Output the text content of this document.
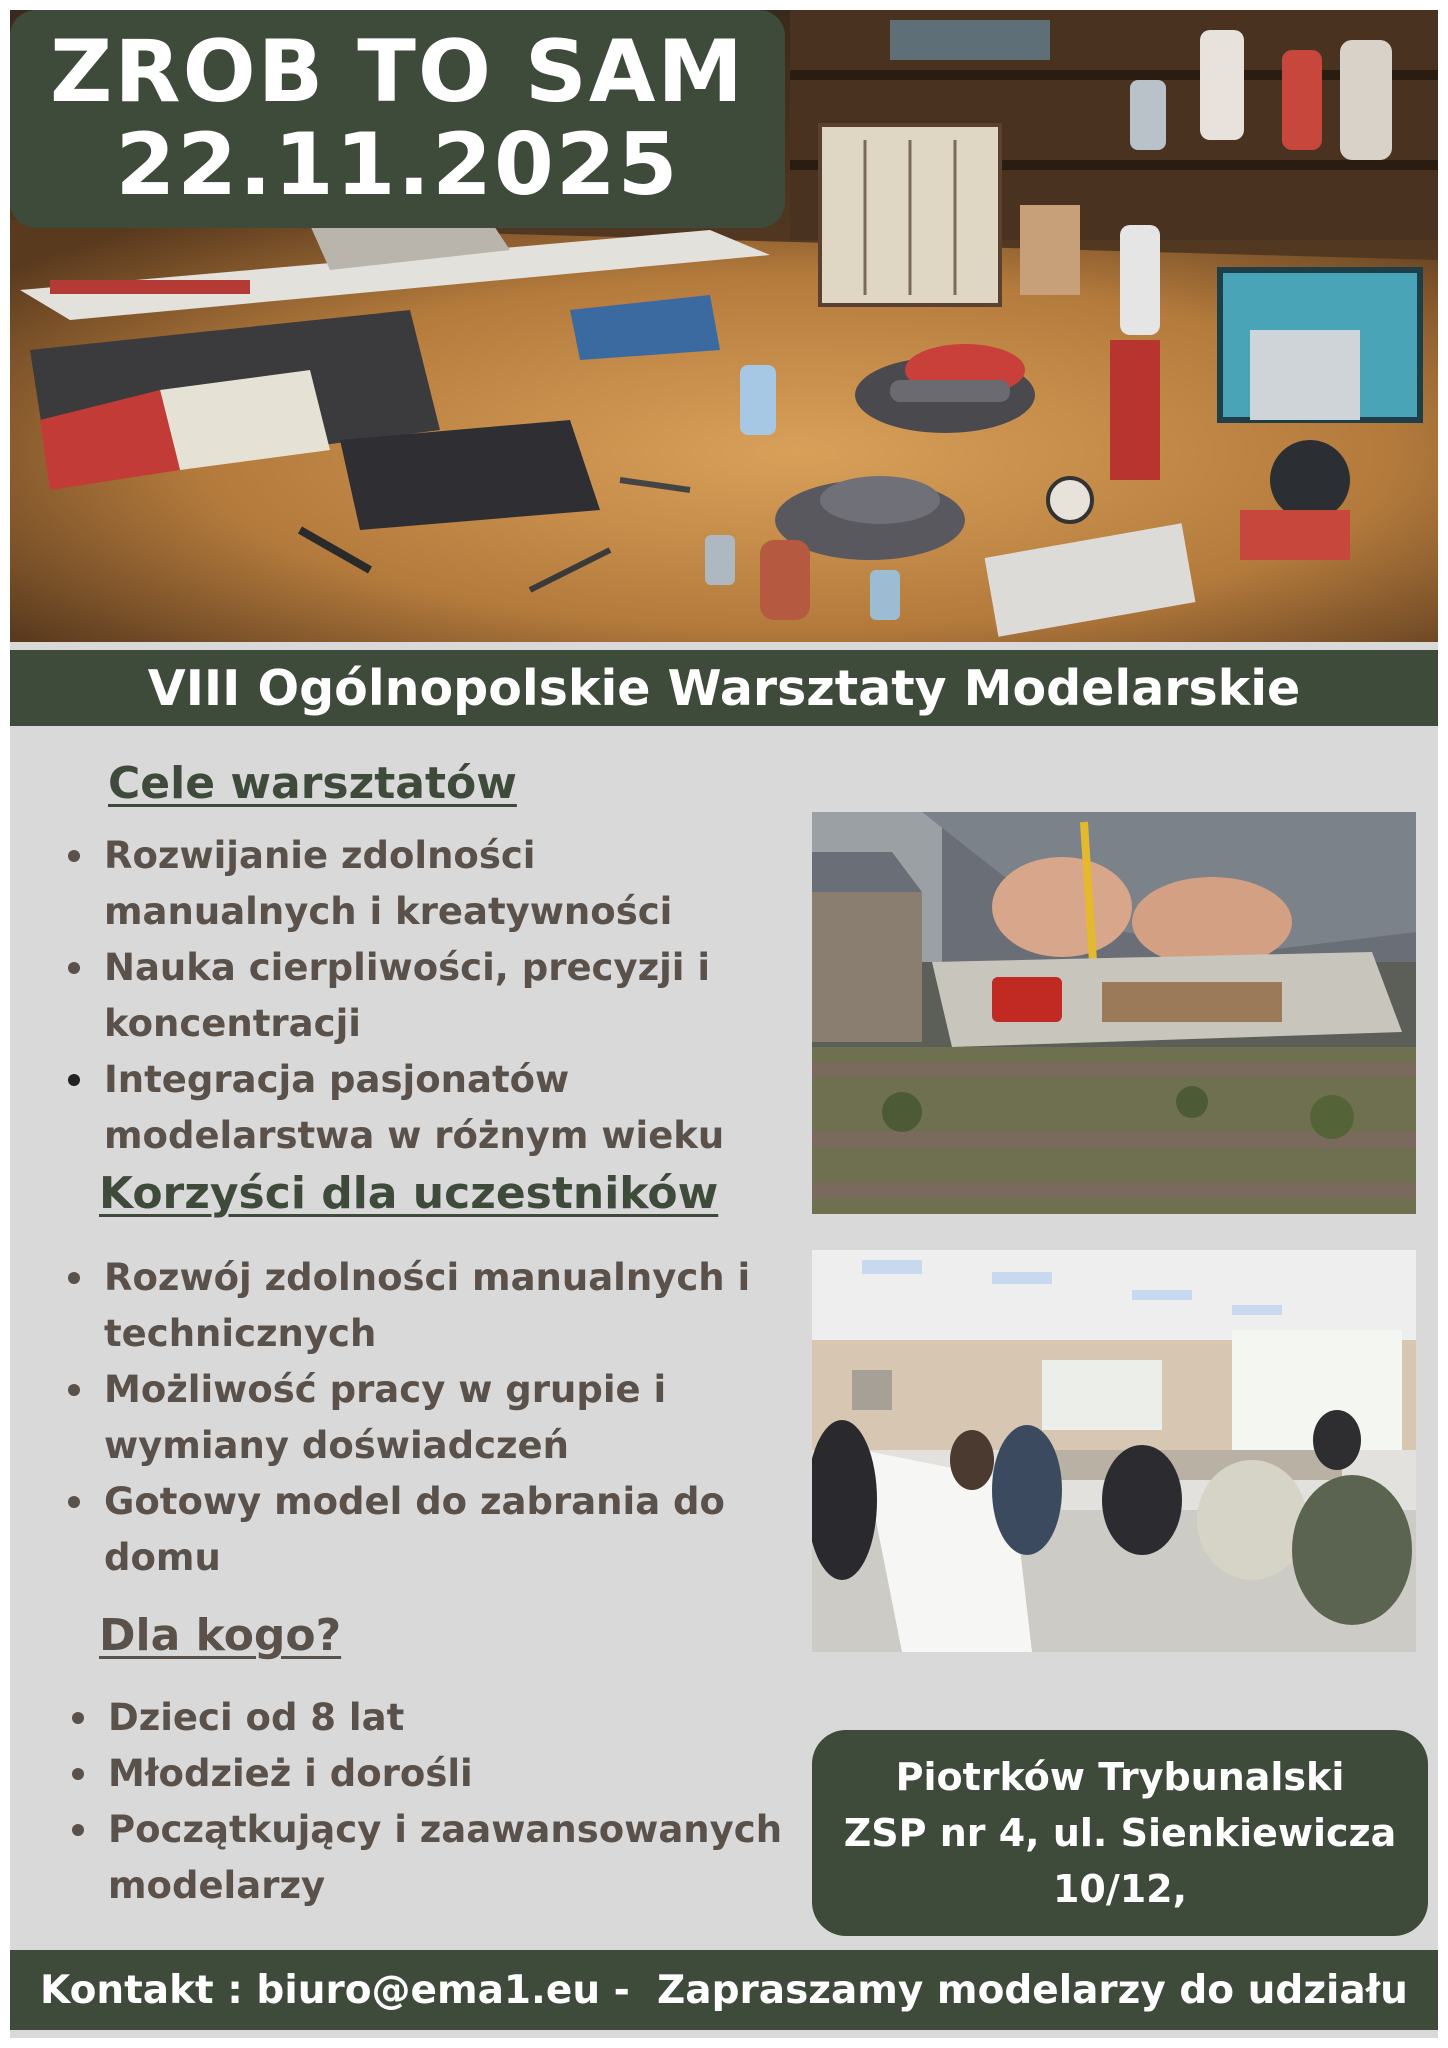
ZROB TO SAM
22.11.2025
VIII Ogólnopolskie Warsztaty Modelarskie
Cele warsztatów
Rozwijanie zdolności manualnych i kreatywności
Nauka cierpliwości, precyzji i koncentracji
Integracja pasjonatów modelarstwa w różnym wieku
Korzyści dla uczestników
Rozwój zdolności manualnych i technicznych
Możliwość pracy w grupie i wymiany doświadczeń
Gotowy model do zabrania do domu
Dla kogo?
Dzieci od 8 lat
Młodzież i dorośli
Początkujący i zaawansowanych modelarzy
Piotrków Trybunalski
ZSP nr 4, ul. Sienkiewicza
10/12,
Kontakt : biuro@ema1.eu -  Zapraszamy modelarzy do udziału
